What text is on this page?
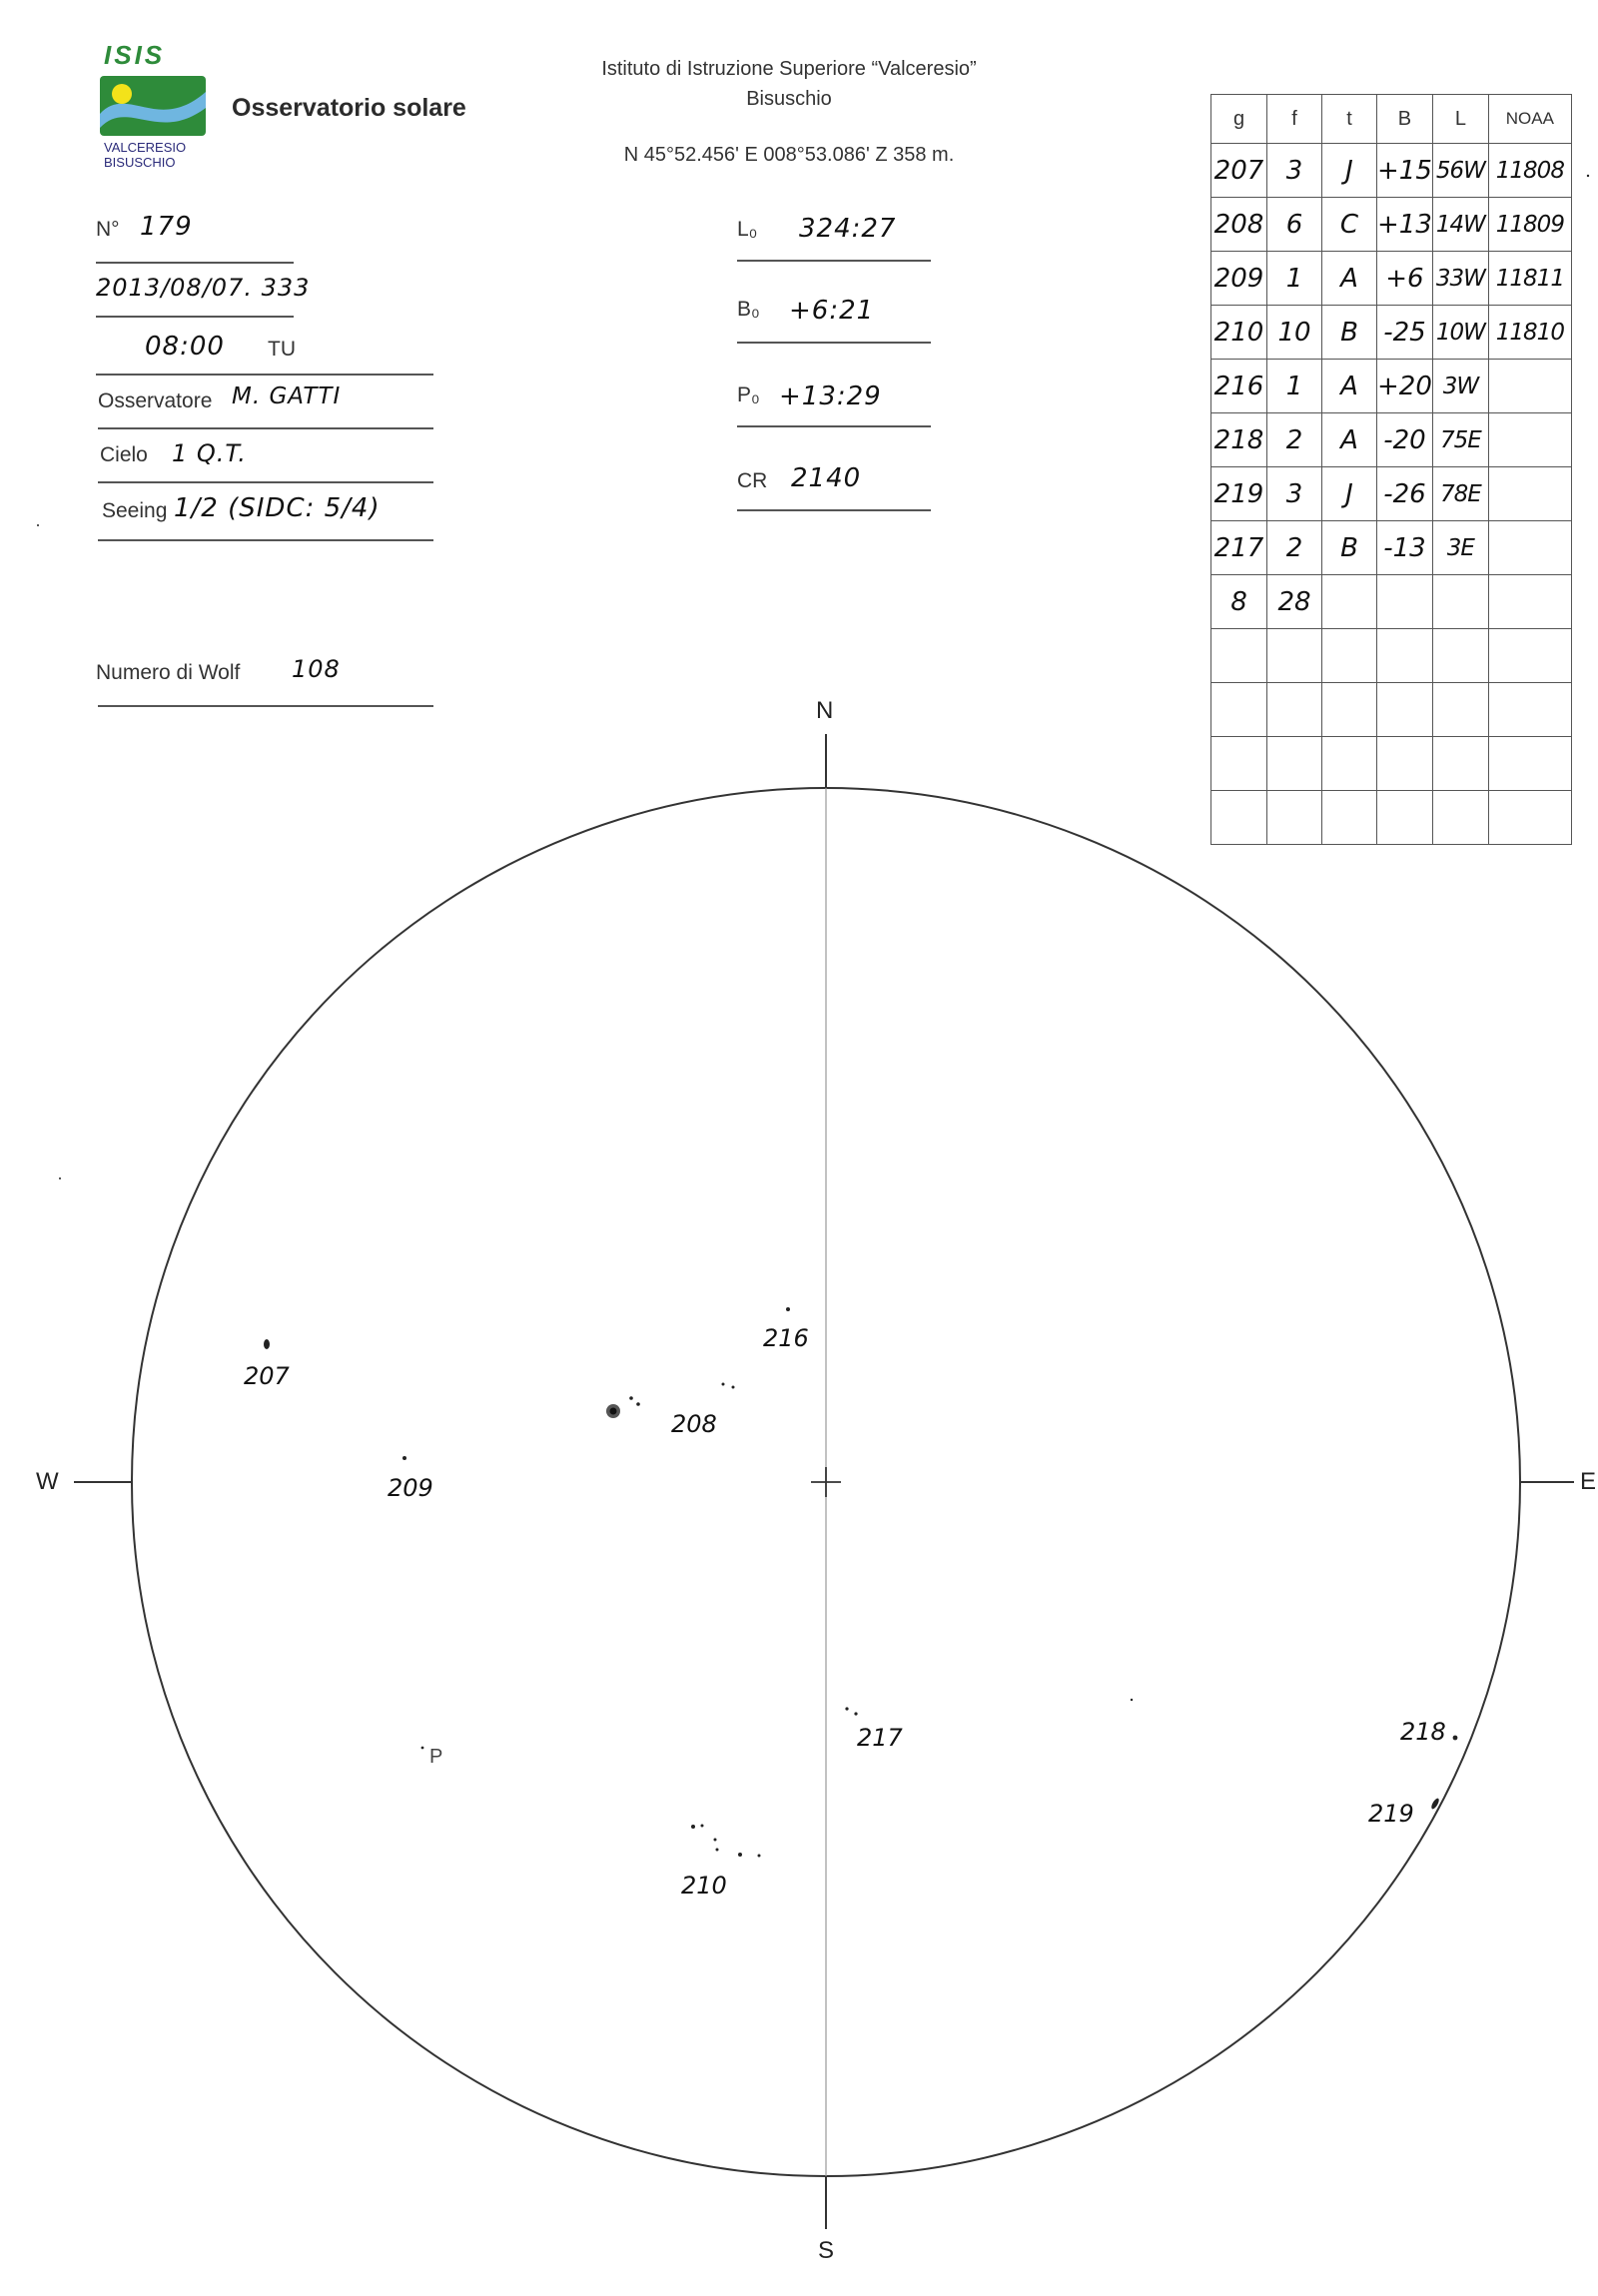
ISIS
VALCERESIO
BISUSCHIO
Osservatorio solare
Istituto di Istruzione Superiore “Valceresio”
Bisuschio
N 45°52.456' E 008°53.086' Z 358 m.
N° 179
2013/08/07. 333
08:00 TU
Osservatore M. GATTI
Cielo 1 Q.T.
Seeing 1/2 (SIDC: 5/4)
Numero di Wolf 108
L₀ 324:27
B₀ +6:21
P₀ +13:29
CR 2140
g	f	t	B	L	NOAA
207	3	J	+15	56W	11808
208	6	C	+13	14W	11809
209	1	A	+6	33W	11811
210	10	B	-25	10W	11810
216	1	A	+20	3W	
218	2	A	-20	75E	
219	3	J	-26	78E	
217	2	B	-13	3E	
8	28				

N
S
W	E
P
207
208
209
210
216
217	218
219
